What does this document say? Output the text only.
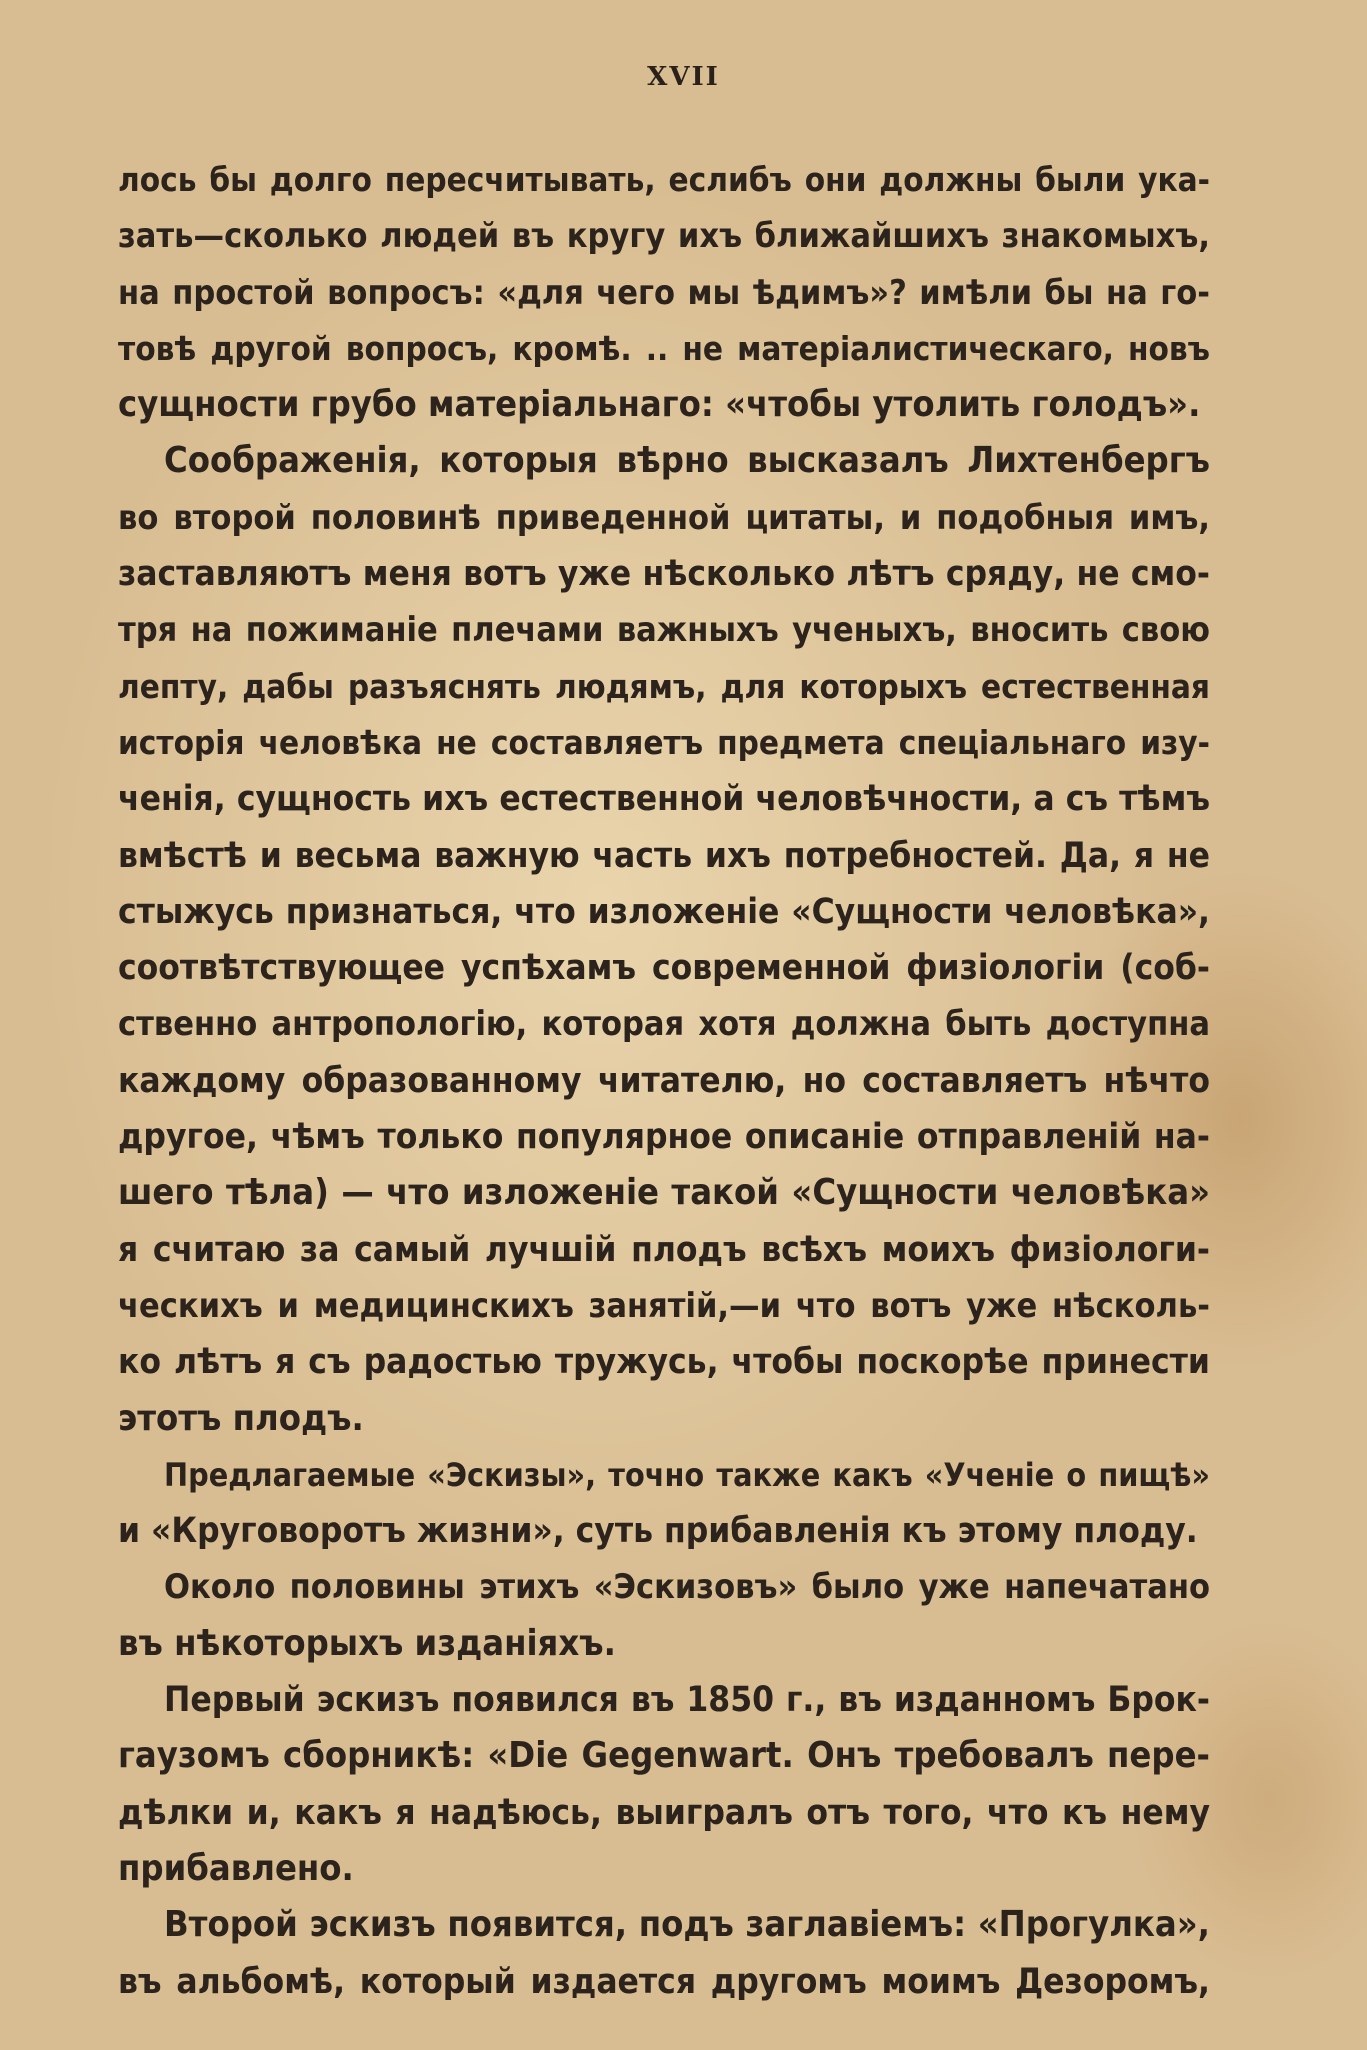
XVII
лось бы долго пересчитывать, еслибъ они должны были ука-
зать—сколько людей въ кругу ихъ ближайшихъ знакомыхъ,
на простой вопросъ: «для чего мы ѣдимъ»? имѣли бы на го-
товѣ другой вопросъ, кромѣ. .. не матеріалистическаго, новъ
сущности грубо матеріальнаго: «чтобы утолить голодъ».
Соображенія, которыя вѣрно высказалъ Лихтенбергъ
во второй половинѣ приведенной цитаты, и подобныя имъ,
заставляютъ меня вотъ уже нѣсколько лѣтъ сряду, не смо-
тря на пожиманіе плечами важныхъ ученыхъ, вносить свою
лепту, дабы разъяснять людямъ, для которыхъ естественная
исторія человѣка не составляетъ предмета спеціальнаго изу-
ченія, сущность ихъ естественной человѣчности, а съ тѣмъ
вмѣстѣ и весьма важную часть ихъ потребностей. Да, я не
стыжусь признаться, что изложеніе «Сущности человѣка»,
соотвѣтствующее успѣхамъ современной физіологіи (соб-
ственно антропологію, которая хотя должна быть доступна
каждому образованному читателю, но составляетъ нѣчто
другое, чѣмъ только популярное описаніе отправленій на-
шего тѣла) — что изложеніе такой «Сущности человѣка»
я считаю за самый лучшій плодъ всѣхъ моихъ физіологи-
ческихъ и медицинскихъ занятій,—и что вотъ уже нѣсколь-
ко лѣтъ я съ радостью тружусь, чтобы поскорѣе принести
этотъ плодъ.
Предлагаемые «Эскизы», точно также какъ «Ученіе о пищѣ»
и «Круговоротъ жизни», суть прибавленія къ этому плоду.
Около половины этихъ «Эскизовъ» было уже напечатано
въ нѣкоторыхъ изданіяхъ.
Первый эскизъ появился въ 1850 г., въ изданномъ Брок-
гаузомъ сборникѣ: «Die Gegenwart. Онъ требовалъ пере-
дѣлки и, какъ я надѣюсь, выигралъ отъ того, что къ нему
прибавлено.
Второй эскизъ появится, подъ заглавіемъ: «Прогулка»,
въ альбомѣ, который издается другомъ моимъ Дезоромъ,
